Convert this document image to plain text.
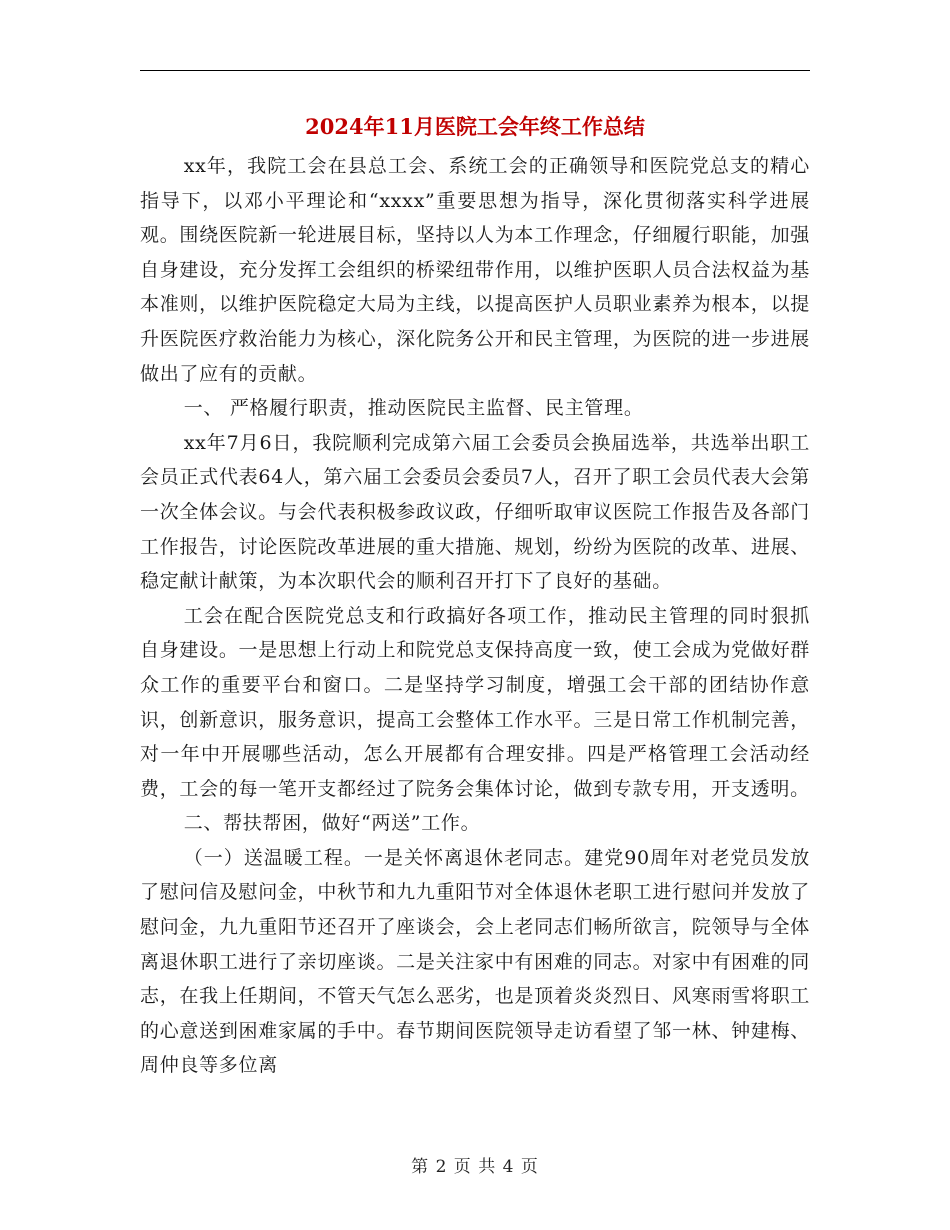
2024年11月医院工会年终工作总结

xx年，我院工会在县总工会、系统工会的正确领导和医院党总支的精心指导下，以邓小平理论和“xxxx”重要思想为指导，深化贯彻落实科学进展观。围绕医院新一轮进展目标，坚持以人为本工作理念，仔细履行职能，加强自身建设，充分发挥工会组织的桥梁纽带作用，以维护医职人员合法权益为基本准则，以维护医院稳定大局为主线，以提高医护人员职业素养为根本，以提升医院医疗救治能力为核心，深化院务公开和民主管理，为医院的进一步进展做出了应有的贡献。

一、 严格履行职责，推动医院民主监督、民主管理。

xx年7月6日，我院顺利完成第六届工会委员会换届选举，共选举出职工会员正式代表64人，第六届工会委员会委员7人，召开了职工会员代表大会第一次全体会议。与会代表积极参政议政，仔细听取审议医院工作报告及各部门工作报告，讨论医院改革进展的重大措施、规划，纷纷为医院的改革、进展、稳定献计献策，为本次职代会的顺利召开打下了良好的基础。

工会在配合医院党总支和行政搞好各项工作，推动民主管理的同时狠抓自身建设。一是思想上行动上和院党总支保持高度一致，使工会成为党做好群众工作的重要平台和窗口。二是坚持学习制度，增强工会干部的团结协作意识，创新意识，服务意识，提高工会整体工作水平。三是日常工作机制完善，对一年中开展哪些活动，怎么开展都有合理安排。四是严格管理工会活动经费，工会的每一笔开支都经过了院务会集体讨论，做到专款专用，开支透明。

二、帮扶帮困，做好“两送”工作。

（一）送温暖工程。一是关怀离退休老同志。建党90周年对老党员发放了慰问信及慰问金，中秋节和九九重阳节对全体退休老职工进行慰问并发放了慰问金，九九重阳节还召开了座谈会，会上老同志们畅所欲言，院领导与全体离退休职工进行了亲切座谈。二是关注家中有困难的同志。对家中有困难的同志，在我上任期间，不管天气怎么恶劣，也是顶着炎炎烈日、风寒雨雪将职工的心意送到困难家属的手中。春节期间医院领导走访看望了邹一林、钟建梅、周仲良等多位离

第 2 页 共 4 页
